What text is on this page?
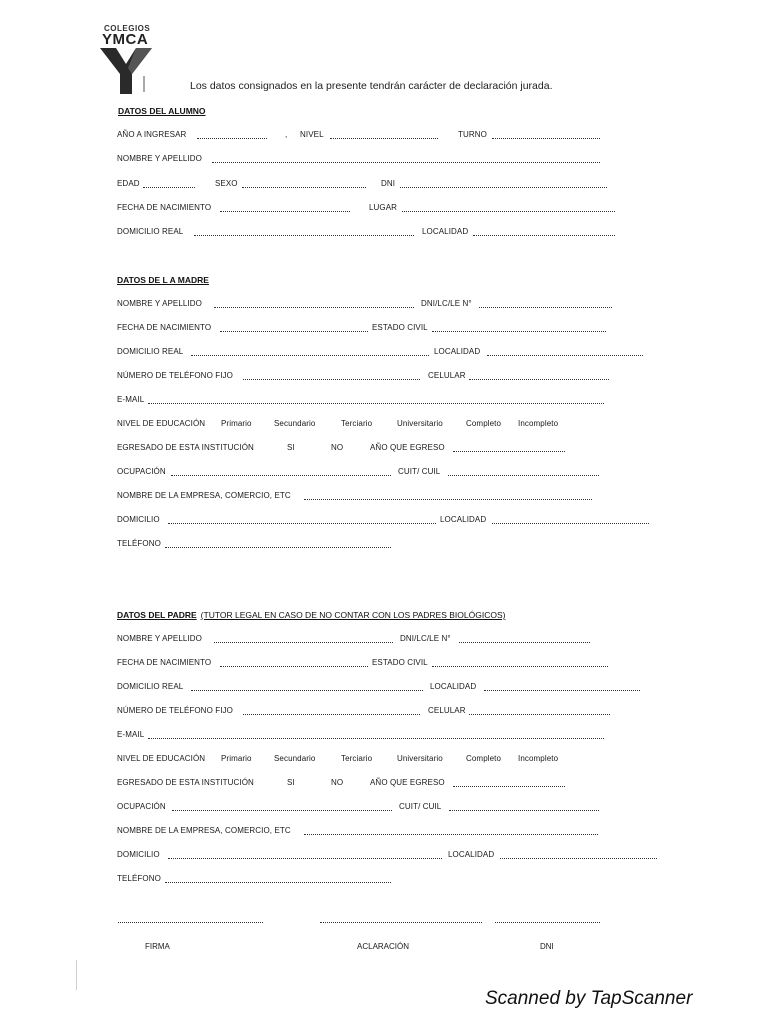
COLEGIOS
YMCA
Los datos consignados en la presente tendrán carácter de declaración jurada.
DATOS DEL ALUMNO
AÑO A INGRESAR	, NIVEL	TURNO
NOMBRE Y APELLIDO
EDAD	SEXO	DNI
FECHA DE NACIMIENTO	LUGAR
DOMICILIO REAL	LOCALIDAD
DATOS DE L A MADRE
NOMBRE Y APELLIDO	DNI/LC/LE N°
FECHA DE NACIMIENTO	ESTADO CIVIL
DOMICILIO REAL	LOCALIDAD
NÚMERO DE TELÉFONO FIJO	CELULAR
E-MAIL
NIVEL DE EDUCACIÓN Primario	Secundario	Terciario	Universitario	Completo Incompleto
EGRESADO DE ESTA INSTITUCIÓN	SI	NO	AÑO QUE EGRESO
OCUPACIÓN	CUIT/ CUIL
NOMBRE DE LA EMPRESA, COMERCIO, ETC
DOMICILIO	LOCALIDAD
TELÉFONO
DATOS DEL PADRE (TUTOR LEGAL EN CASO DE NO CONTAR CON LOS PADRES BIOLÓGICOS)
NOMBRE Y APELLIDO	DNI/LC/LE N°
FECHA DE NACIMIENTO	ESTADO CIVIL
DOMICILIO REAL	LOCALIDAD
NÚMERO DE TELÉFONO FIJO	CELULAR
E-MAIL
NIVEL DE EDUCACIÓN Primario	Secundario	Terciario	Universitario	Completo Incompleto
EGRESADO DE ESTA INSTITUCIÓN	SI	NO	AÑO QUE EGRESO
OCUPACIÓN	CUIT/ CUIL
NOMBRE DE LA EMPRESA, COMERCIO, ETC
DOMICILIO	LOCALIDAD
TELÉFONO
FIRMA	ACLARACIÓN	DNI
Scanned by TapScanner
